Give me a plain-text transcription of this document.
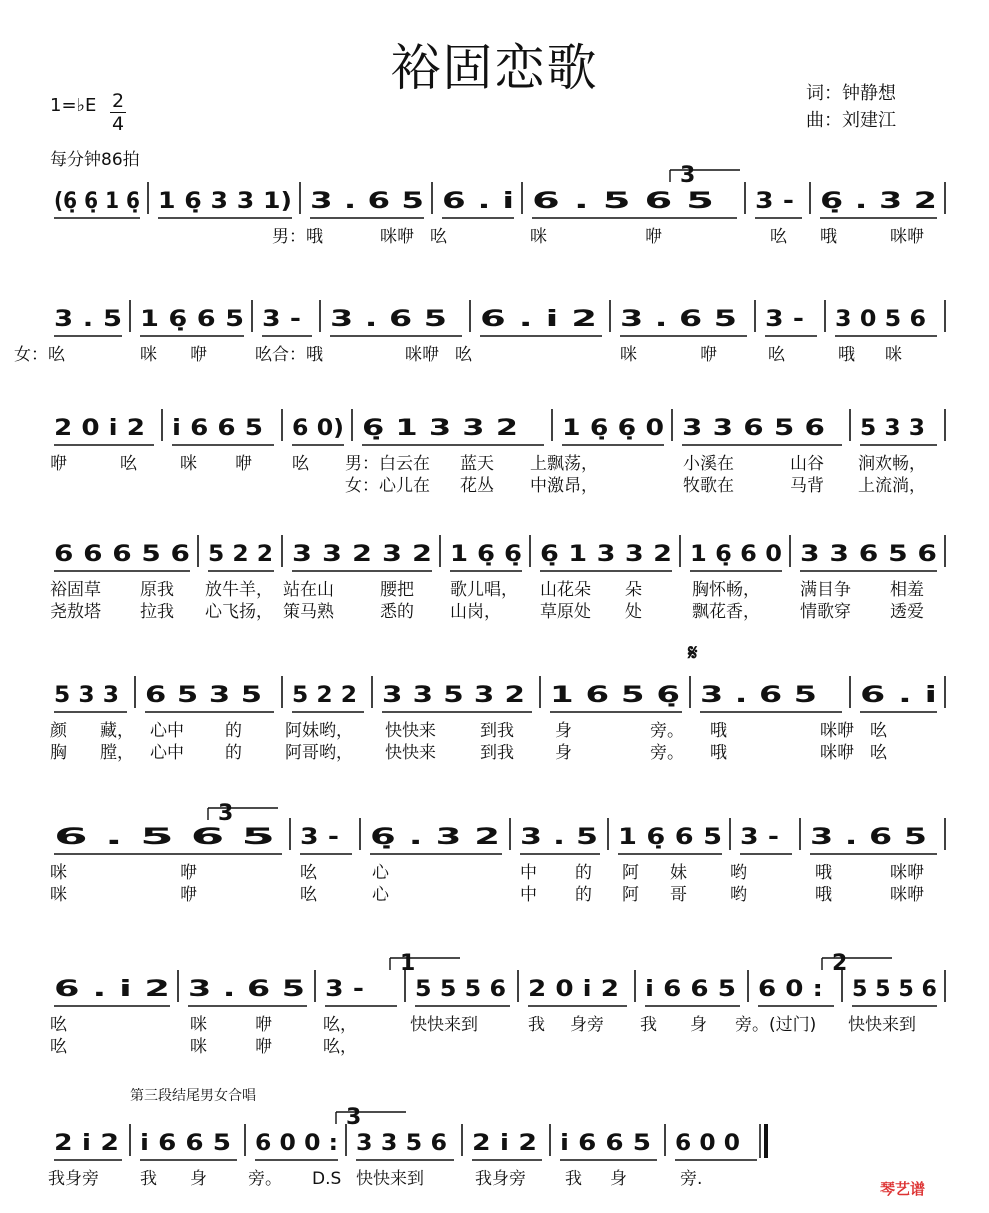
裕固恋歌	词：钟静想
曲：刘建江
1=♭E 2
4
每分钟86拍
(6̣ 6̣ 1 6̣ 1 6̣ 3 3 1) 3 . 6 5 6 . i 6 . 5 6 5 3 - 6̣ . 3 2
男：哦	咪咿 吆	咪	咿	吆 哦	咪咿
3
3 . 5 1 6̣ 6 5 3 - 3 . 6 5 6 . i 2 3 . 6 5 3 - 3 0 5 6
女：吆	咪 咿	吆合：哦	咪咿 吆	咪	咿	吆	哦 咪
2 0 i 2 i 6 6 5 6 0) 6̣ 1 3 3 2 1 6̣ 6̣ 0 3 3 6 5 6 5 3 3
咿	吆	咪 咿 吆 男：白云在
女：心儿在
蓝天
花丛
上飘荡，
中激昂，
小溪在
牧歌在
山谷
马背
涧欢畅，
上流淌，
6 6 6 5 6 5 2 2 3 3 2 3 2 1 6̣ 6̣ 6̣ 1 3 3 2 1 6̣ 6 0 3 3 6 5 6
裕固草
尧敖塔
原我
拉我
放牛羊，
心飞扬，
站在山
策马熟
腰把
悉的
歌儿唱，
山岗，
山花朵
草原处
朵
处
胸怀畅，
飘花香，
满目争
情歌穿
相羞
透爱
5 3 3 6 5 3 5 5 2 2 3 3 5 3 2 1 6 5 6̣ 3 . 6 5 6 . i
颜
胸
藏，
膛，
心中
心中
的
的
阿妹哟，
阿哥哟，
快快来
快快来
到我
到我
身
身
旁。
旁。
哦
哦
咪咿
咪咿
吆
吆
𝄋
6 . 5 6 5 3 - 6̣ . 3 2 3 . 5 1 6̣ 6 5 3 - 3 . 6 5
咪
咪
咿
咿
吆
吆
心
心
中
中
的
的
阿
阿
妹
哥
哟
哟
哦
哦
咪咿
咪咿
3
6 . i 2 3 . 6 5 3 - 5 5 5 6 2 0 i 2 i 6 6 5 6 0 : 5 5 5 6
吆
吆
咪
咪
咿
咿
吆，
吆，
快快来到	我 身旁 我 身 旁。(过门) 快快来到
1	2
2 i 2 i 6 6 5 6 0 0 : 3 3 5 6 2 i 2 i 6 6 5 6 0 0
我身旁 我 身 旁。 D.S 快快来到	我身旁 我 身	旁.
第三段结尾男女合唱
3
琴艺谱
